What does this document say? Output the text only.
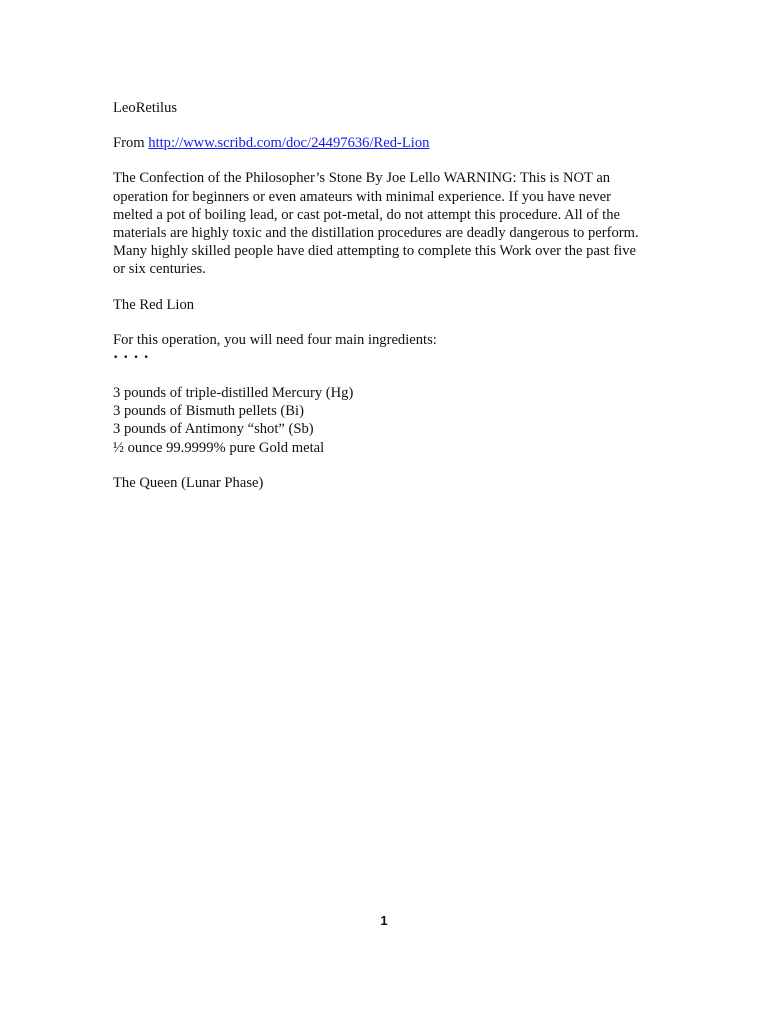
LeoRetilus

From http://www.scribd.com/doc/24497636/Red-Lion

The Confection of the Philosopher’s Stone By Joe Lello WARNING: This is NOT an
operation for beginners or even amateurs with minimal experience. If you have never
melted a pot of boiling lead, or cast pot-metal, do not attempt this procedure. All of the
materials are highly toxic and the distillation procedures are deadly dangerous to perform.
Many highly skilled people have died attempting to complete this Work over the past five
or six centuries.

The Red Lion

For this operation, you will need four main ingredients:

• • • •
3 pounds of triple-distilled Mercury (Hg)
3 pounds of Bismuth pellets (Bi)
3 pounds of Antimony “shot” (Sb)
½ ounce 99.9999% pure Gold metal

The Queen (Lunar Phase)

1
